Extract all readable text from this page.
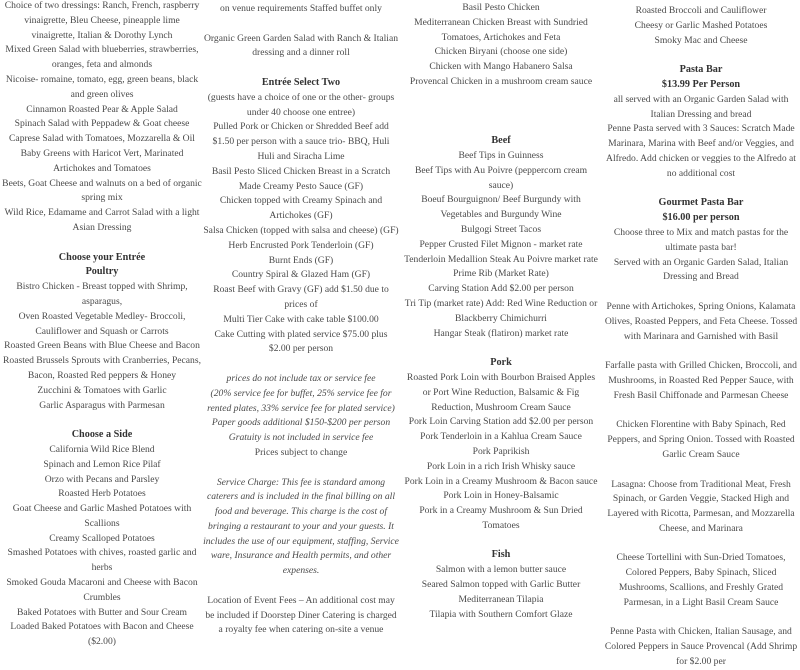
Choice of two dressings: Ranch, French, raspberry vinaigrette, Bleu Cheese, pineapple lime vinaigrette, Italian & Dorothy Lynch
Mixed Green Salad with blueberries, strawberries, oranges, feta and almonds
Nicoise- romaine, tomato, egg, green beans, black and green olives
Cinnamon Roasted Pear & Apple Salad
Spinach Salad with Peppadew & Goat cheese
Caprese Salad with Tomatoes, Mozzarella & Oil
Baby Greens with Haricot Vert, Marinated Artichokes and Tomatoes
Beets, Goat Cheese and walnuts on a bed of organic spring mix
Wild Rice, Edamame and Carrot Salad with a light Asian Dressing
Choose your Entrée
Poultry
Bistro Chicken - Breast topped with Shrimp, asparagus,
Oven Roasted Vegetable Medley- Broccoli, Cauliflower and Squash or Carrots
Roasted Green Beans with Blue Cheese and Bacon
Roasted Brussels Sprouts with Cranberries, Pecans, Bacon, Roasted Red peppers & Honey
Zucchini & Tomatoes with Garlic
Garlic Asparagus with Parmesan
Choose a Side
California Wild Rice Blend
Spinach and Lemon Rice Pilaf
Orzo with Pecans and Parsley
Roasted Herb Potatoes
Goat Cheese and Garlic Mashed Potatoes with Scallions
Creamy Scalloped Potatoes
Smashed Potatoes with chives, roasted garlic and herbs
Smoked Gouda Macaroni and Cheese with Bacon Crumbles
Baked Potatoes with Butter and Sour Cream
Loaded Baked Potatoes with Bacon and Cheese ($2.00)
on venue requirements Staffed buffet only
Organic Green Garden Salad with Ranch & Italian dressing and a dinner roll
Entrée Select Two
(guests have a choice of one or the other- groups under 40 choose one entree)
Pulled Pork or Chicken or Shredded Beef add $1.50 per person with a sauce trio- BBQ, Huli Huli and Siracha Lime
Basil Pesto Sliced Chicken Breast in a Scratch Made Creamy Pesto Sauce (GF)
Chicken topped with Creamy Spinach and Artichokes (GF)
Salsa Chicken (topped with salsa and cheese) (GF)
Herb Encrusted Pork Tenderloin (GF)
Burnt Ends (GF)
Country Spiral & Glazed Ham (GF)
Roast Beef with Gravy (GF) add $1.50 due to prices of
Multi Tier Cake with cake table $100.00
Cake Cutting with plated service $75.00 plus $2.00 per person
prices do not include tax or service fee
(20% service fee for buffet, 25% service fee for rented plates, 33% service fee for plated service)
Paper goods additional $150-$200 per person
Gratuity is not included in service fee
Prices subject to change
Service Charge: This fee is standard among caterers and is included in the final billing on all food and beverage. This charge is the cost of bringing a restaurant to your and your guests. It includes the use of our equipment, staffing, Service ware, Insurance and Health permits, and other expenses.
Location of Event Fees – An additional cost may be included if Doorstep Diner Catering is charged a royalty fee when catering on-site a venue
Basil Pesto Chicken
Mediterranean Chicken Breast with Sundried Tomatoes, Artichokes and Feta
Chicken Biryani (choose one side)
Chicken with Mango Habanero Salsa
Provencal Chicken in a mushroom cream sauce
Beef
Beef Tips in Guinness
Beef Tips with Au Poivre (peppercorn cream sauce)
Boeuf Bourguignon/ Beef Burgundy with Vegetables and Burgundy Wine
Bulgogi Street Tacos
Pepper Crusted Filet Mignon - market rate
Tenderloin Medallion Steak Au Poivre market rate
Prime Rib (Market Rate)
Carving Station Add $2.00 per person
Tri Tip (market rate) Add: Red Wine Reduction or Blackberry Chimichurri
Hangar Steak (flatiron) market rate
Pork
Roasted Pork Loin with Bourbon Braised Apples or Port Wine Reduction, Balsamic & Fig Reduction, Mushroom Cream Sauce
Pork Loin Carving Station add $2.00 per person
Pork Tenderloin in a Kahlua Cream Sauce
Pork Paprikish
Pork Loin in a rich Irish Whisky sauce
Pork Loin in a Creamy Mushroom & Bacon sauce
Pork Loin in Honey-Balsamic
Pork in a Creamy Mushroom & Sun Dried Tomatoes
Fish
Salmon with a lemon butter sauce
Seared Salmon topped with Garlic Butter
Mediterranean Tilapia
Tilapia with Southern Comfort Glaze
Roasted Broccoli and Cauliflower
Cheesy or Garlic Mashed Potatoes
Smoky Mac and Cheese
Pasta Bar
$13.99 Per Person
all served with an Organic Garden Salad with Italian Dressing and bread
Penne Pasta served with 3 Sauces: Scratch Made Marinara, Marina with Beef and/or Veggies, and Alfredo. Add chicken or veggies to the Alfredo at no additional cost
Gourmet Pasta Bar
$16.00 per person
Choose three to Mix and match pastas for the ultimate pasta bar!
Served with an Organic Garden Salad, Italian Dressing and Bread
Penne with Artichokes, Spring Onions, Kalamata Olives, Roasted Peppers, and Feta Cheese. Tossed with Marinara and Garnished with Basil
Farfalle pasta with Grilled Chicken, Broccoli, and Mushrooms, in Roasted Red Pepper Sauce, with Fresh Basil Chiffonade and Parmesan Cheese
Chicken Florentine with Baby Spinach, Red Peppers, and Spring Onion. Tossed with Roasted Garlic Cream Sauce
Lasagna: Choose from Traditional Meat, Fresh Spinach, or Garden Veggie, Stacked High and Layered with Ricotta, Parmesan, and Mozzarella Cheese, and Marinara
Cheese Tortellini with Sun-Dried Tomatoes, Colored Peppers, Baby Spinach, Sliced Mushrooms, Scallions, and Freshly Grated Parmesan, in a Light Basil Cream Sauce
Penne Pasta with Chicken, Italian Sausage, and Colored Peppers in Sauce Provencal (Add Shrimp for $2.00 per
